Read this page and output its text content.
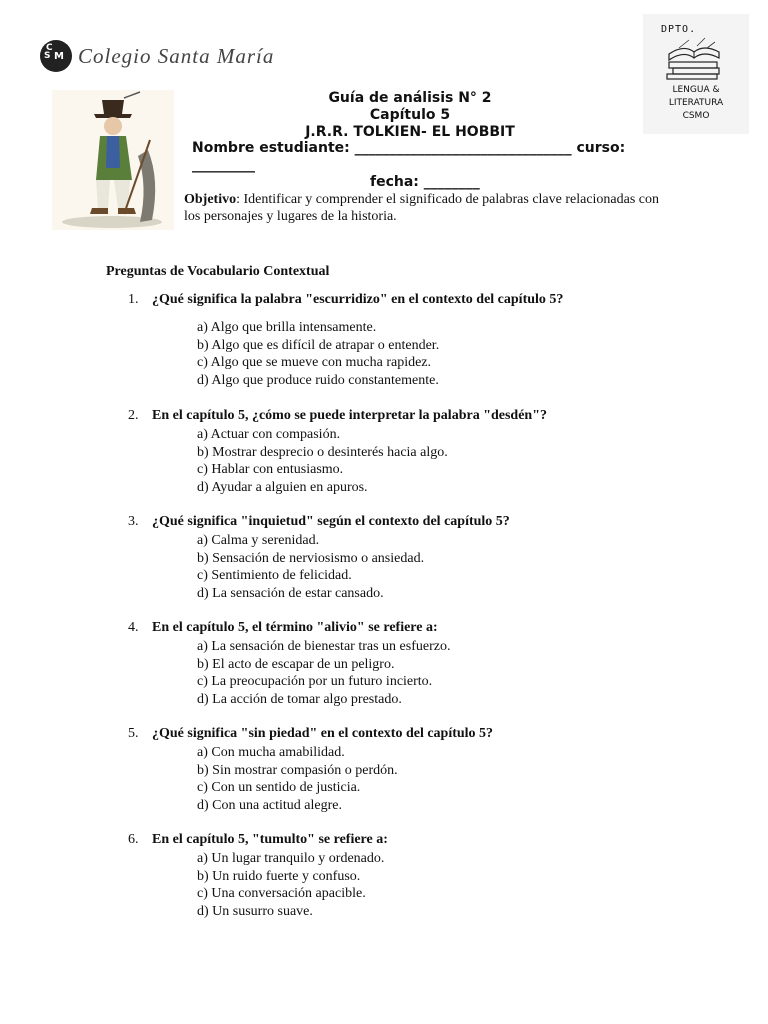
C
S M Colegio Santa María
DPTO.
LENGUA &
LITERATURA
CSMO
Guía de análisis N° 2
Capítulo 5
J.R.R. TOLKIEN- EL HOBBIT
Nombre estudiante: _______________________________ curso: _________
fecha: ________
Objetivo: Identificar y comprender el significado de palabras clave relacionadas con los personajes y lugares de la historia.
Preguntas de Vocabulario Contextual
1. ¿Qué significa la palabra "escurridizo" en el contexto del capítulo 5?
a) Algo que brilla intensamente.
b) Algo que es difícil de atrapar o entender.
c) Algo que se mueve con mucha rapidez.
d) Algo que produce ruido constantemente.
2. En el capítulo 5, ¿cómo se puede interpretar la palabra "desdén"?
a) Actuar con compasión.
b) Mostrar desprecio o desinterés hacia algo.
c) Hablar con entusiasmo.
d) Ayudar a alguien en apuros.
3. ¿Qué significa "inquietud" según el contexto del capítulo 5?
a) Calma y serenidad.
b) Sensación de nerviosismo o ansiedad.
c) Sentimiento de felicidad.
d) La sensación de estar cansado.
4. En el capítulo 5, el término "alivio" se refiere a:
a) La sensación de bienestar tras un esfuerzo.
b) El acto de escapar de un peligro.
c) La preocupación por un futuro incierto.
d) La acción de tomar algo prestado.
5. ¿Qué significa "sin piedad" en el contexto del capítulo 5?
a) Con mucha amabilidad.
b) Sin mostrar compasión o perdón.
c) Con un sentido de justicia.
d) Con una actitud alegre.
6. En el capítulo 5, "tumulto" se refiere a:
a) Un lugar tranquilo y ordenado.
b) Un ruido fuerte y confuso.
c) Una conversación apacible.
d) Un susurro suave.
